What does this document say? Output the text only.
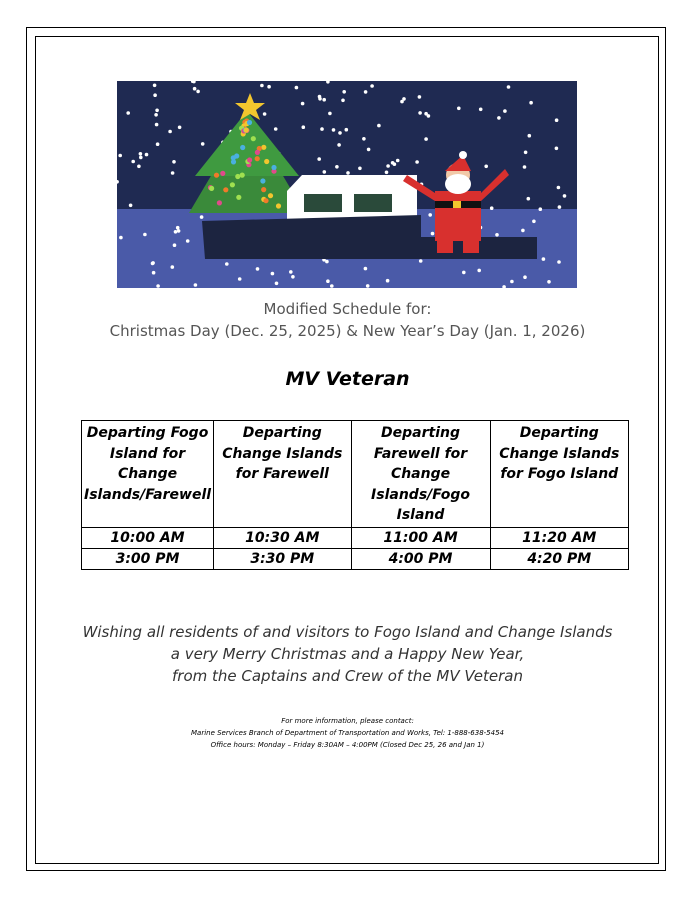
Modified Schedule for:
Christmas Day (Dec. 25, 2025) & New Year’s Day (Jan. 1, 2026)
MV Veteran
Departing Fogo Island for Change Islands/Farewell	Departing Change Islands for Farewell	Departing Farewell for Change Islands/Fogo Island	Departing Change Islands for Fogo Island
10:00 AM	10:30 AM	11:00 AM	11:20 AM
3:00 PM	3:30 PM	4:00 PM	4:20 PM
Wishing all residents of and visitors to Fogo Island and Change Islands
a very Merry Christmas and a Happy New Year,
from the Captains and Crew of the MV Veteran
For more information, please contact:
Marine Services Branch of Department of Transportation and Works, Tel: 1-888-638-5454
Office hours: Monday – Friday 8:30AM – 4:00PM (Closed Dec 25, 26 and Jan 1)
